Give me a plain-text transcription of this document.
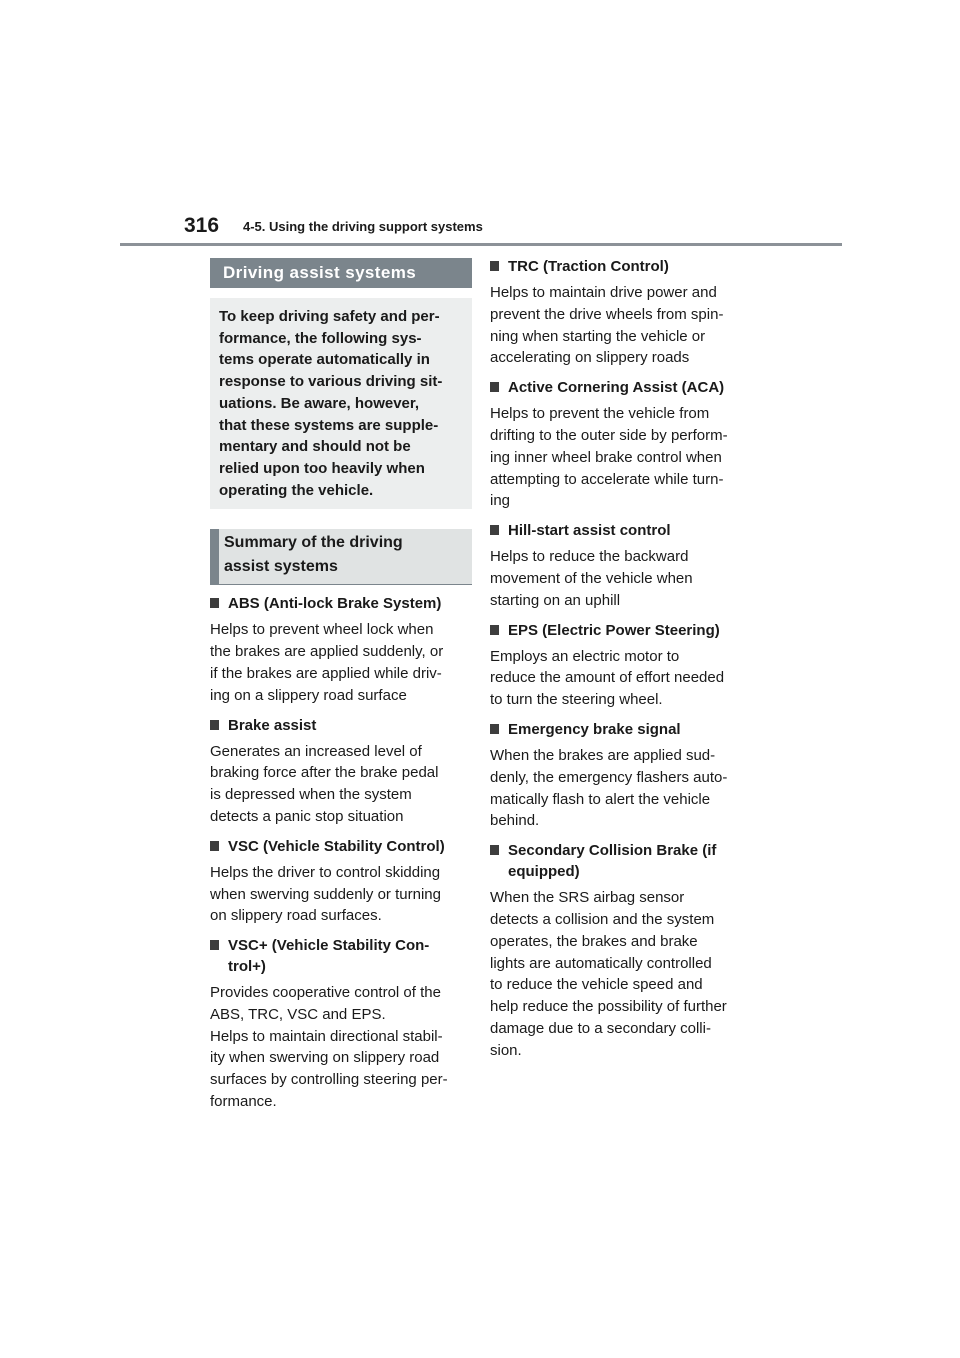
316 4-5. Using the driving support systems
Driving assist systems
To keep driving safety and per-
formance, the following sys-
tems operate automatically in
response to various driving sit-
uations. Be aware, however,
that these systems are supple-
mentary and should not be
relied upon too heavily when
operating the vehicle.
Summary of the driving
assist systems
ABS (Anti-lock Brake System)
Helps to prevent wheel lock when
the brakes are applied suddenly, or
if the brakes are applied while driv-
ing on a slippery road surface
Brake assist
Generates an increased level of
braking force after the brake pedal
is depressed when the system
detects a panic stop situation
VSC (Vehicle Stability Control)
Helps the driver to control skidding
when swerving suddenly or turning
on slippery road surfaces.
VSC+ (Vehicle Stability Con-
trol+)
Provides cooperative control of the
ABS, TRC, VSC and EPS.
Helps to maintain directional stabil-
ity when swerving on slippery road
surfaces by controlling steering per-
formance.
TRC (Traction Control)
Helps to maintain drive power and
prevent the drive wheels from spin-
ning when starting the vehicle or
accelerating on slippery roads
Active Cornering Assist (ACA)
Helps to prevent the vehicle from
drifting to the outer side by perform-
ing inner wheel brake control when
attempting to accelerate while turn-
ing
Hill-start assist control
Helps to reduce the backward
movement of the vehicle when
starting on an uphill
EPS (Electric Power Steering)
Employs an electric motor to
reduce the amount of effort needed
to turn the steering wheel.
Emergency brake signal
When the brakes are applied sud-
denly, the emergency flashers auto-
matically flash to alert the vehicle
behind.
Secondary Collision Brake (if
equipped)
When the SRS airbag sensor
detects a collision and the system
operates, the brakes and brake
lights are automatically controlled
to reduce the vehicle speed and
help reduce the possibility of further
damage due to a secondary colli-
sion.
